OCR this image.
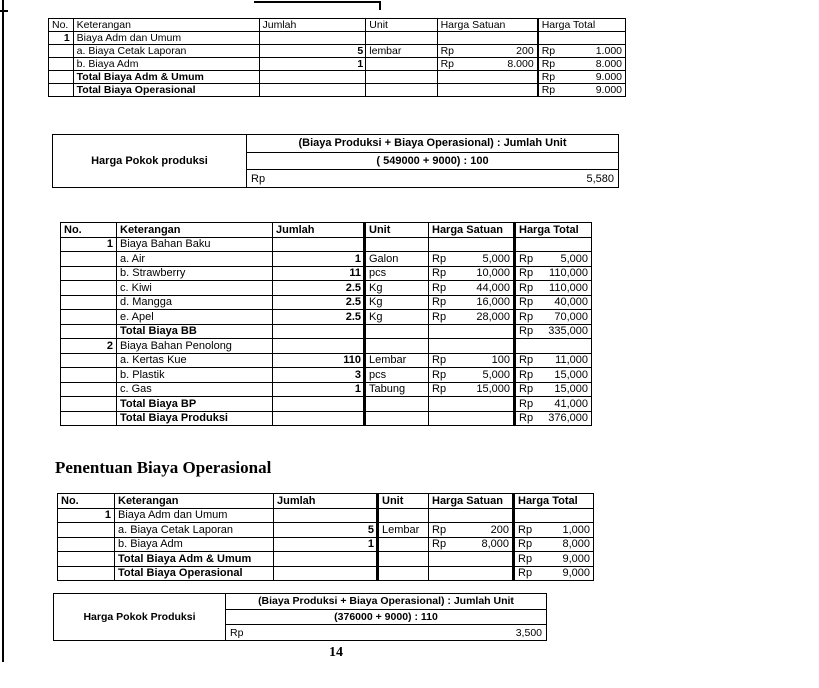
No.	Keterangan	Jumlah	Unit	Harga Satuan	Harga Total
1	Biaya Adm dan Umum				
	a. Biaya Cetak Laporan	5	lembar	Rp 200	Rp 1.000

	b. Biaya Adm	1		Rp 8.000	Rp 8.000

	Total Biaya Adm & Umum				Rp 9.000

	Total Biaya Operasional				Rp 9.000
Harga Pokok produksi
(Biaya Produksi + Biaya Operasional) : Jumlah Unit
( 549000 + 9000) : 100
Rp	5,580
No.	Keterangan	Jumlah	Unit	Harga Satuan	Harga Total
1	Biaya Bahan Baku				
	a. Air	1	Galon	Rp 5,000	Rp 5,000

	b. Strawberry	11	pcs	Rp 10,000	Rp 110,000

	c. Kiwi	2.5	Kg	Rp 44,000	Rp 110,000

	d. Mangga	2.5	Kg	Rp 16,000	Rp 40,000

	e. Apel	2.5	Kg	Rp 28,000	Rp 70,000

	Total Biaya BB				Rp 335,000

2	Biaya Bahan Penolong				
	a. Kertas Kue	110	Lembar	Rp 100	Rp 11,000

	b. Plastik	3	pcs	Rp 5,000	Rp 15,000

	c. Gas	1	Tabung	Rp 15,000	Rp 15,000

	Total Biaya BP				Rp 41,000

	Total Biaya Produksi				Rp 376,000
Penentuan Biaya Operasional
No.	Keterangan	Jumlah	Unit	Harga Satuan	Harga Total
1	Biaya Adm dan Umum				
	a. Biaya Cetak Laporan	5	Lembar	Rp 200	Rp 1,000

	b. Biaya Adm	1		Rp 8,000	Rp 8,000

	Total Biaya Adm & Umum				Rp 9,000

	Total Biaya Operasional				Rp 9,000
Harga Pokok Produksi
(Biaya Produksi + Biaya Operasional) : Jumlah Unit
(376000 + 9000) : 110
Rp	3,500
14
